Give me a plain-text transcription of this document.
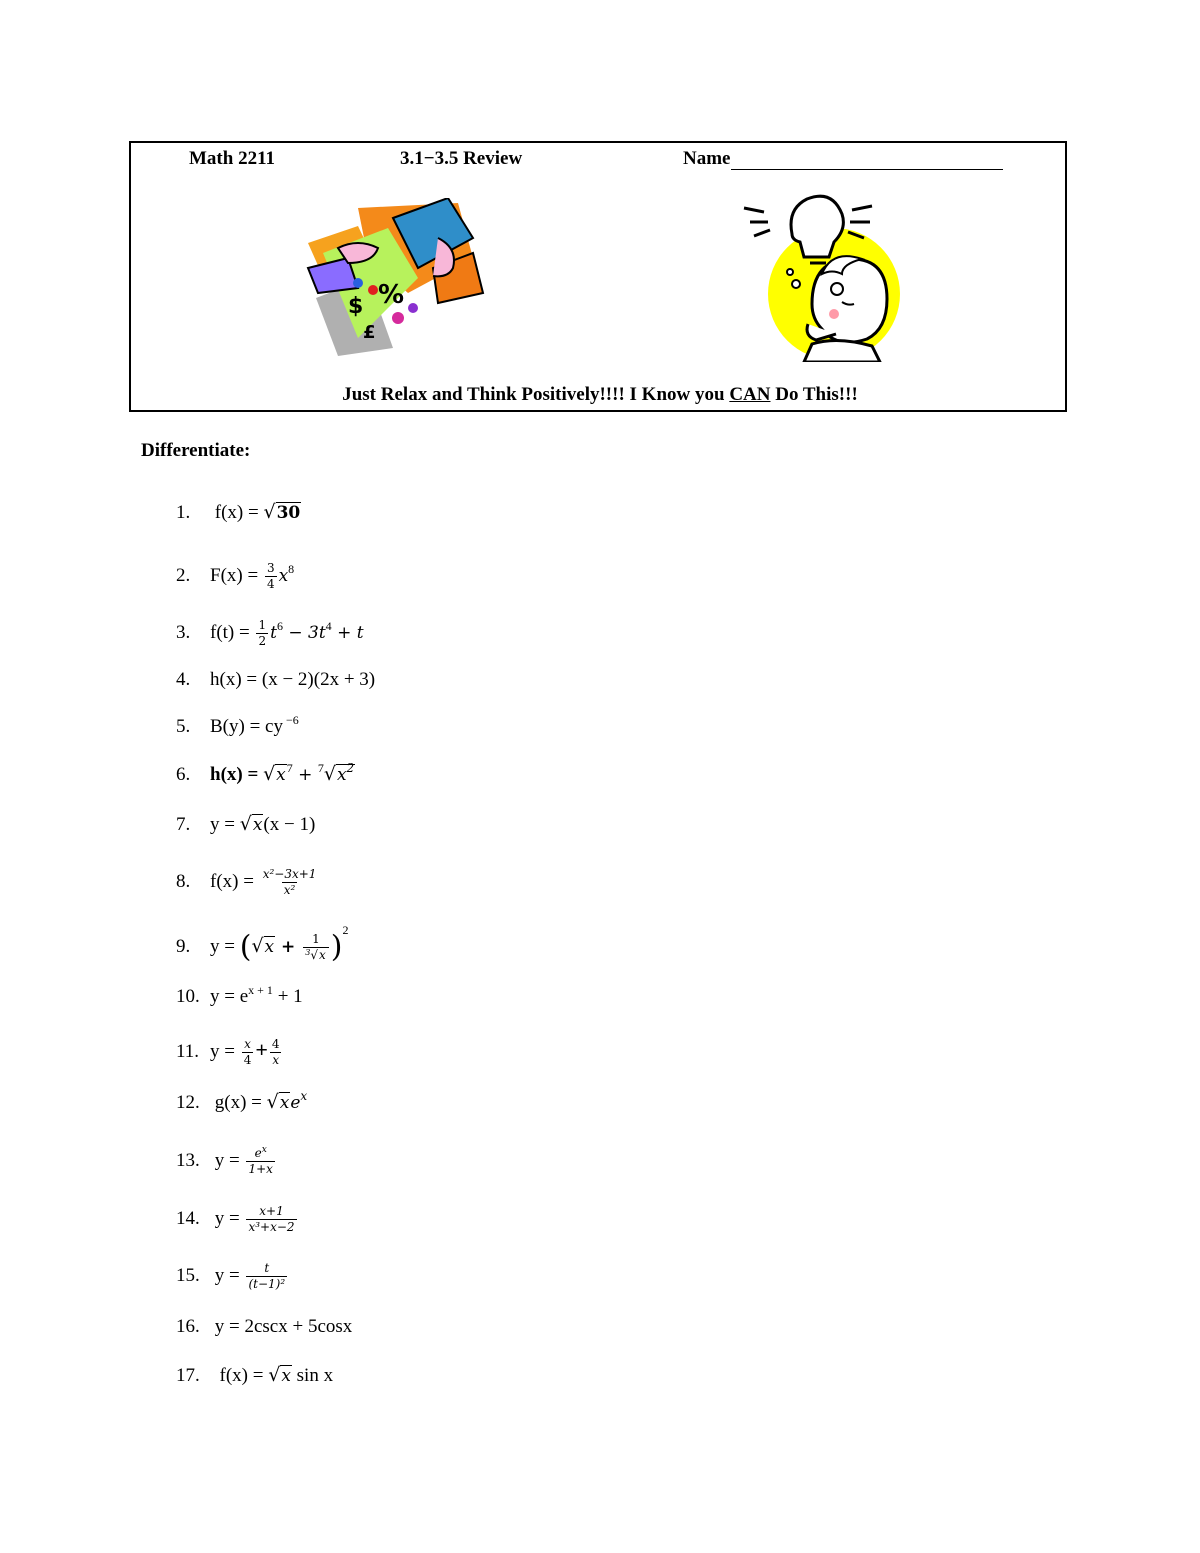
Math 2211	3.1−3.5 Review	Name
$ %
£
Just Relax and Think Positively!!!! I Know you CAN Do This!!!
Differentiate:
1. f(x) = √30
2. $F(x) = \frac{3}{4} x^8$
3. $f(t) = \frac{1}{2} t^6 - 3t^4 + t$
4. h(x) = (x − 2)(2x + 3)
5. B(y) = cy $^{-6}$
6. $h(x) = √x^7 + ^7√x^2$
7. y = √x(x − 1)
8. $f(x) = \frac{\text{x²−3x+1}}{\text{x²}}$
9. $y = (√x + \frac{1}{^3√x} )^2$
10. $y = e^{x + 1} + 1$
11. $y = \frac{x}{4} + \frac{4}{x}$
12. $g(x) = √xe^x$
13. $y = \frac{e^x}{1+x}$
14. $y = \frac{x+1}{\text{x³+x−2}}$
15. $y = \frac{t}{\text{(t−1)²}}$
16. y = 2cscx + 5cosx
17. f(x) = √x sin x
